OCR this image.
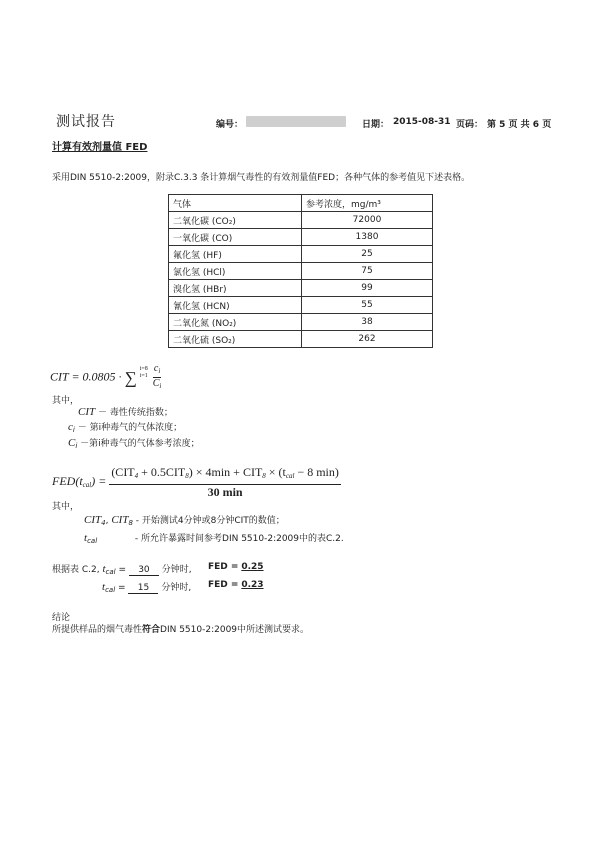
测试报告	编号：	日期： 2015-08-31 页码： 第 5 页 共 6 页
计算有效剂量值 FED
采用DIN 5510-2:2009，附录C.3.3 条计算烟气毒性的有效剂量值FED；各种气体的参考值见下述表格。
气体	参考浓度，mg/m³
二氧化碳 (CO₂)	72000
一氧化碳 (CO)	1380
氟化氢 (HF)	25
氯化氢 (HCl)	75
溴化氢 (HBr)	99
氰化氢 (HCN)	55
二氧化氮 (NO₂)	38
二氧化硫 (SO₂)	262
CIT = 0.0805 · ∑ i=8
$i=1 \frac{c_i}{C_i}$
其中，
CIT － 毒性传统指数；
$c_i$ － 第i种毒气的气体浓度；
$C_i$ －第i种毒气的气体参考浓度；
$FED(t_{cal}) = \frac{(CIT_4 + 0.5CIT_8) \times 4\min + CIT_8 \times (t_{cal} - 8 \min)}{30 \min}$
其中，
$CIT_4$, $CIT_8$ - 开始测试4分钟或8分钟CIT的数值；
$t_{cal}$	- 所允许暴露时间参考DIN 5510-2:2009中的表C.2.
根据表 C.2, $t_{cal} = 30$ 分钟时, FED = 0.25
$t_{cal} = 15$ 分钟时, FED = 0.23
结论
所提供样品的烟气毒性符合DIN 5510-2:2009中所述测试要求。
